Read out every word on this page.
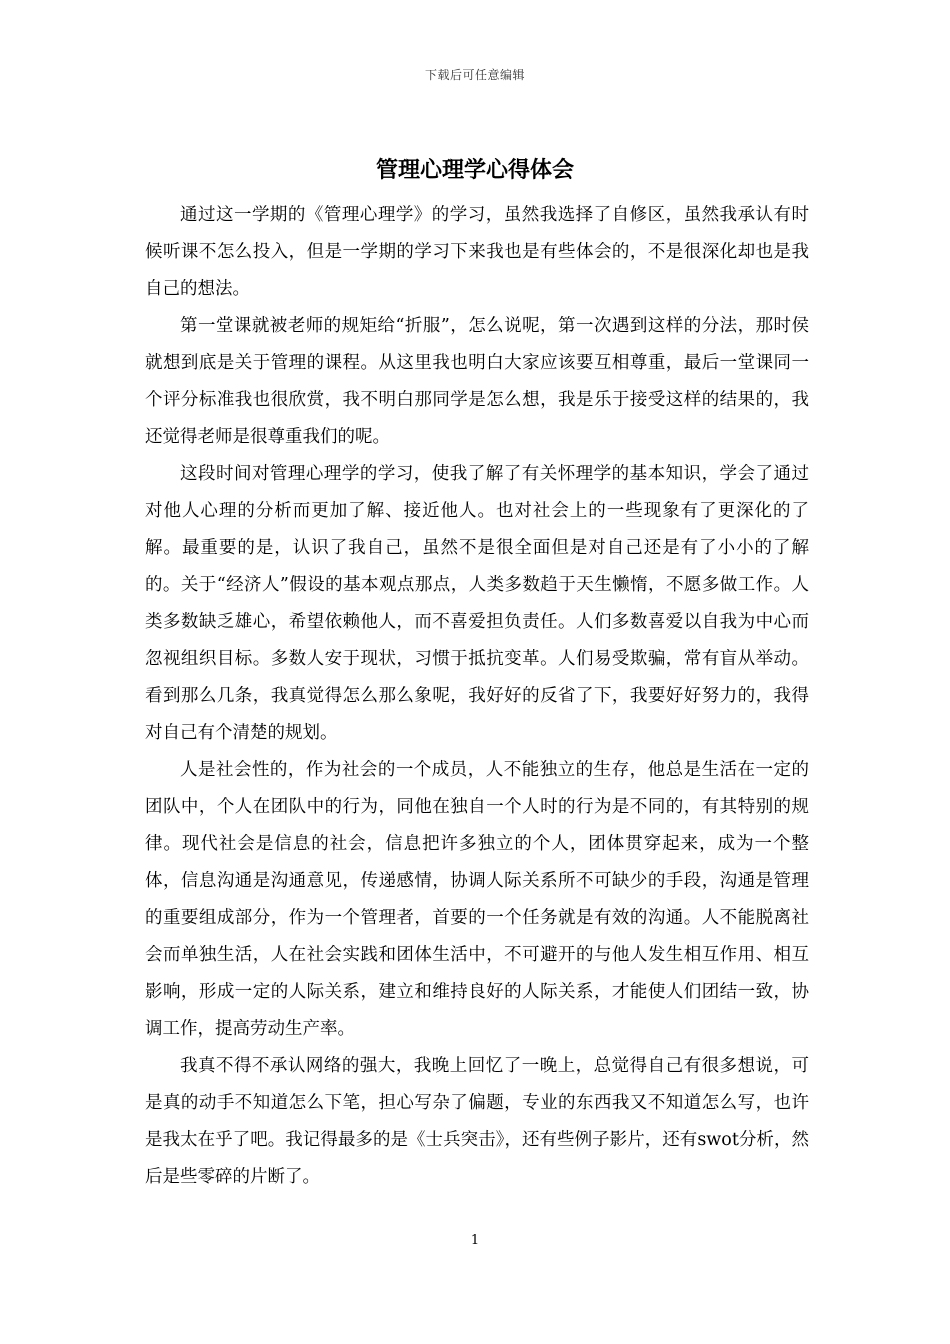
下载后可任意编辑
管理心理学心得体会

通过这一学期的《管理心理学》的学习，虽然我选择了自修区，虽然我承认有时候听课不怎么投入，但是一学期的学习下来我也是有些体会的，不是很深化却也是我自己的想法。

第一堂课就被老师的规矩给“折服”，怎么说呢，第一次遇到这样的分法，那时侯就想到底是关于管理的课程。从这里我也明白大家应该要互相尊重，最后一堂课同一个评分标准我也很欣赏，我不明白那同学是怎么想，我是乐于接受这样的结果的，我还觉得老师是很尊重我们的呢。

这段时间对管理心理学的学习，使我了解了有关怀理学的基本知识，学会了通过对他人心理的分析而更加了解、接近他人。也对社会上的一些现象有了更深化的了解。最重要的是，认识了我自己，虽然不是很全面但是对自己还是有了小小的了解的。关于“经济人”假设的基本观点那点，人类多数趋于天生懒惰，不愿多做工作。人类多数缺乏雄心，希望依赖他人，而不喜爱担负责任。人们多数喜爱以自我为中心而忽视组织目标。多数人安于现状，习惯于抵抗变革。人们易受欺骗，常有盲从举动。看到那么几条，我真觉得怎么那么象呢，我好好的反省了下，我要好好努力的，我得对自己有个清楚的规划。

人是社会性的，作为社会的一个成员，人不能独立的生存，他总是生活在一定的团队中，个人在团队中的行为，同他在独自一个人时的行为是不同的，有其特别的规律。现代社会是信息的社会，信息把许多独立的个人，团体贯穿起来，成为一个整体，信息沟通是沟通意见，传递感情，协调人际关系所不可缺少的手段，沟通是管理的重要组成部分，作为一个管理者，首要的一个任务就是有效的沟通。人不能脱离社会而单独生活，人在社会实践和团体生活中，不可避开的与他人发生相互作用、相互影响，形成一定的人际关系，建立和维持良好的人际关系，才能使人们团结一致，协调工作，提高劳动生产率。

我真不得不承认网络的强大，我晚上回忆了一晚上，总觉得自己有很多想说，可是真的动手不知道怎么下笔，担心写杂了偏题，专业的东西我又不知道怎么写，也许是我太在乎了吧。我记得最多的是《士兵突击》，还有些例子影片，还有swot分析，然后是些零碎的片断了。

1
